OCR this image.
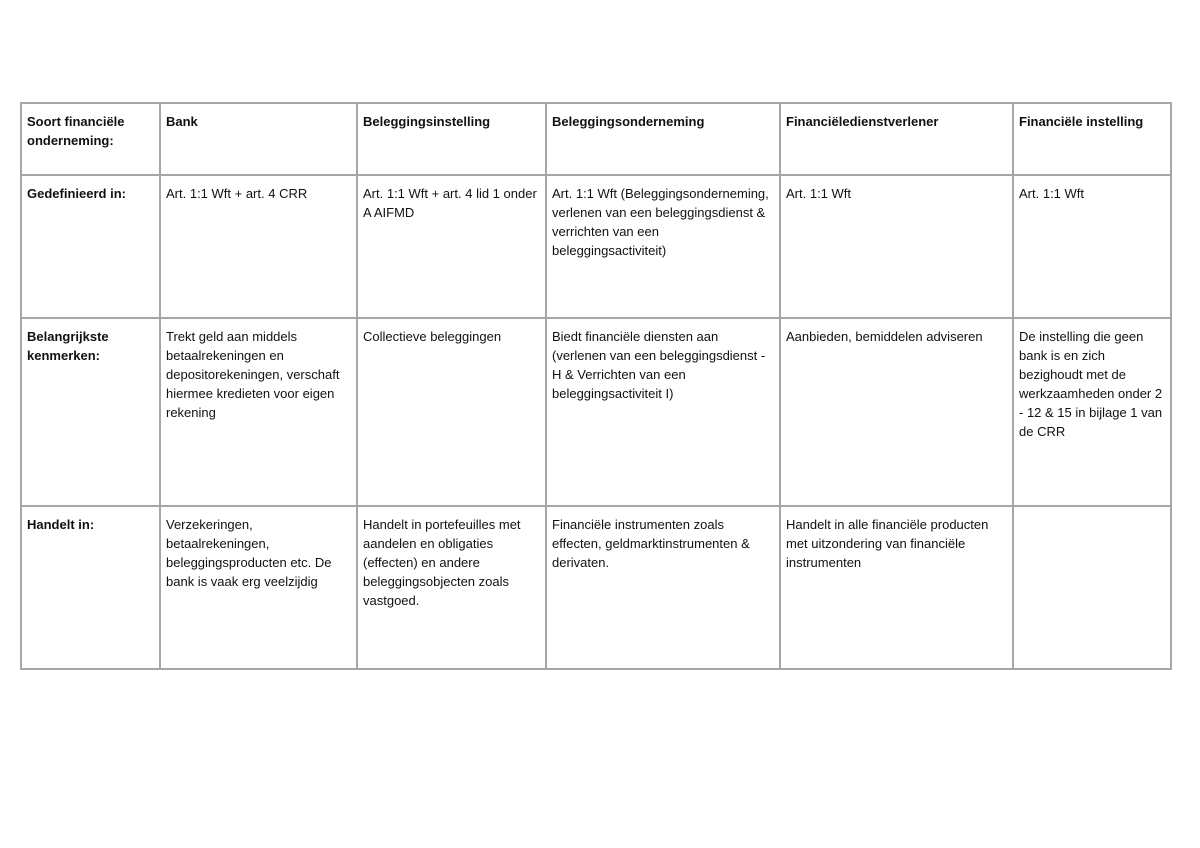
Soort financiële onderneming:	Bank	Beleggingsinstelling	Beleggingsonderneming	Financiëledienstverlener	Financiële instelling
Gedefinieerd in:	Art. 1:1 Wft + art. 4 CRR	Art. 1:1 Wft + art. 4 lid 1 onder A AIFMD	Art. 1:1 Wft (Beleggingsonderneming, verlenen van een beleggingsdienst & verrichten van een beleggingsactiviteit)	Art. 1:1 Wft	Art. 1:1 Wft
Belangrijkste kenmerken:	Trekt geld aan middels betaalrekeningen en depositorekeningen, verschaft hiermee kredieten voor eigen rekening	Collectieve beleggingen	Biedt financiële diensten aan (verlenen van een beleggingsdienst - H & Verrichten van een beleggingsactiviteit I)	Aanbieden, bemiddelen adviseren	De instelling die geen bank is en zich bezighoudt met de werkzaamheden onder 2 - 12 & 15 in bijlage 1 van de CRR
Handelt in:	Verzekeringen, betaalrekeningen, beleggingsproducten etc. De bank is vaak erg veelzijdig	Handelt in portefeuilles met aandelen en obligaties (effecten) en andere beleggingsobjecten zoals vastgoed.	Financiële instrumenten zoals effecten, geldmarktinstrumenten & derivaten.	Handelt in alle financiële producten met uitzondering van financiële instrumenten	
